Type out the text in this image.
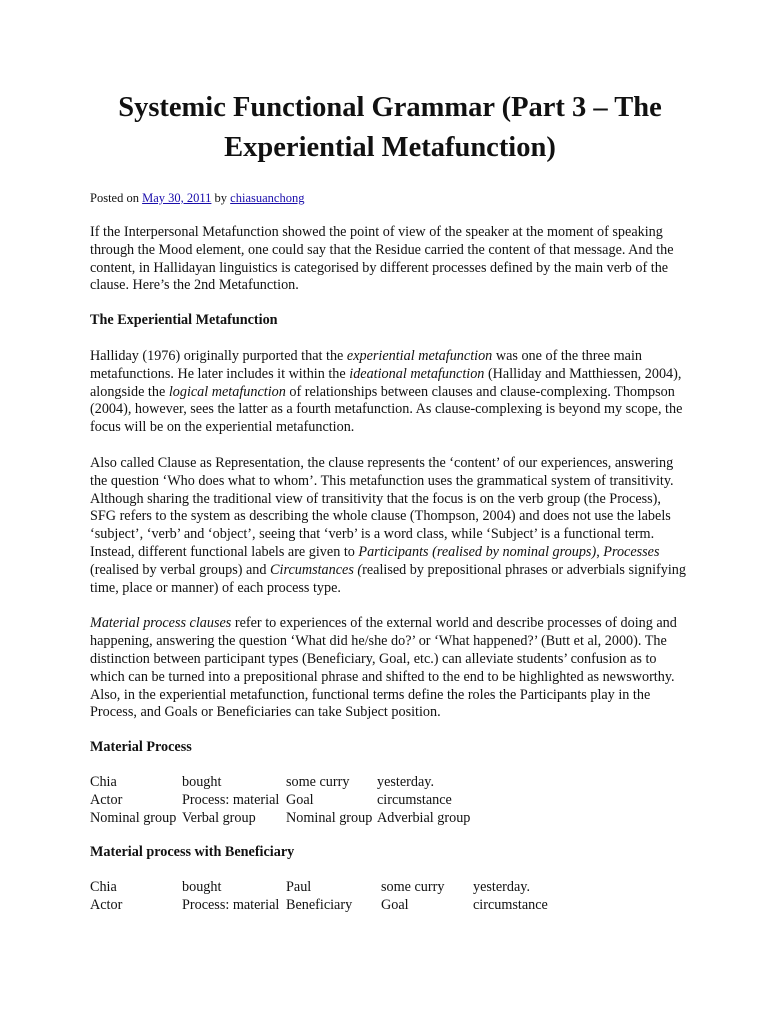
Systemic Functional Grammar (Part 3 – The Experiential Metafunction)
Posted on May 30, 2011 by chiasuanchong

If the Interpersonal Metafunction showed the point of view of the speaker at the moment of speaking through the Mood element, one could say that the Residue carried the content of that message. And the content, in Hallidayan linguistics is categorised by different processes defined by the main verb of the clause. Here’s the 2nd Metafunction.

The Experiential Metafunction

Halliday (1976) originally purported that the experiential metafunction was one of the three main metafunctions. He later includes it within the ideational metafunction (Halliday and Matthiessen, 2004), alongside the logical metafunction of relationships between clauses and clause-complexing. Thompson (2004), however, sees the latter as a fourth metafunction. As clause-complexing is beyond my scope, the focus will be on the experiential metafunction.

Also called Clause as Representation, the clause represents the ‘content’ of our experiences, answering the question ‘Who does what to whom’. This metafunction uses the grammatical system of transitivity. Although sharing the traditional view of transitivity that the focus is on the verb group (the Process), SFG refers to the system as describing the whole clause (Thompson, 2004) and does not use the labels ‘subject’, ‘verb’ and ‘object’, seeing that ‘verb’ is a word class, while ‘Subject’ is a functional term. Instead, different functional labels are given to Participants (realised by nominal groups), Processes (realised by verbal groups) and Circumstances (realised by prepositional phrases or adverbials signifying time, place or manner) of each process type.

Material process clauses refer to experiences of the external world and describe processes of doing and happening, answering the question ‘What did he/she do?’ or ‘What happened?’ (Butt et al, 2000). The distinction between participant types (Beneficiary, Goal, etc.) can alleviate students’ confusion as to which can be turned into a prepositional phrase and shifted to the end to be highlighted as newsworthy. Also, in the experiential metafunction, functional terms define the roles the Participants play in the Process, and Goals or Beneficiaries can take Subject position.

Material Process
Chia	bought	some curry	yesterday.
Actor	Process: material	Goal	circumstance
Nominal group	Verbal group	Nominal group	Adverbial group
Material process with Beneficiary
Chia	bought	Paul	some curry	yesterday.
Actor	Process: material	Beneficiary	Goal	circumstance
